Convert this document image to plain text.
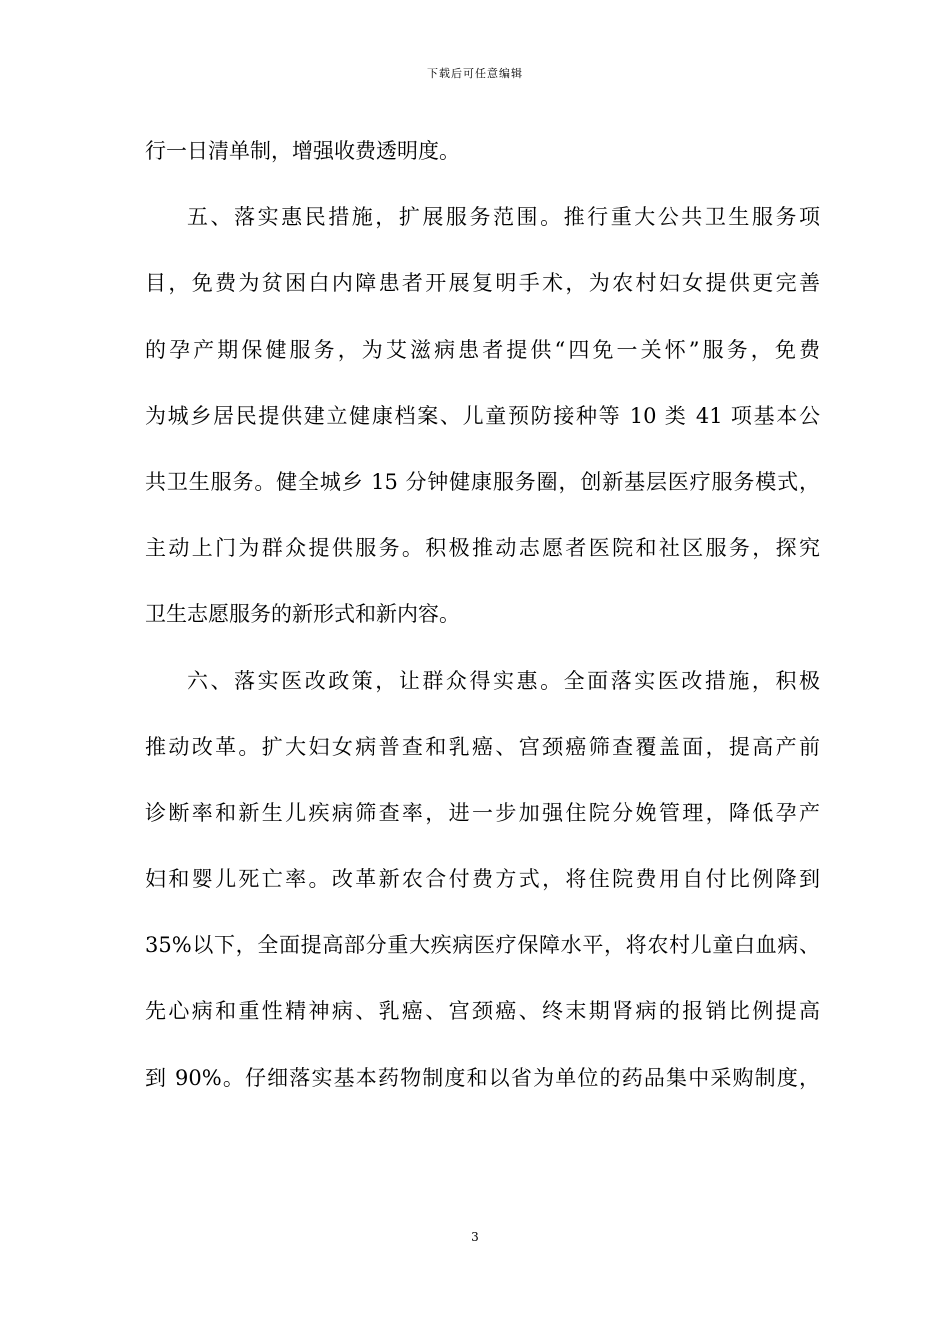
下载后可任意编辑
行一日清单制，增强收费透明度。
五、落实惠民措施，扩展服务范围。推行重大公共卫生服务项
目，免费为贫困白内障患者开展复明手术，为农村妇女提供更完善
的孕产期保健服务，为艾滋病患者提供“四免一关怀”服务，免费
为城乡居民提供建立健康档案、儿童预防接种等 10 类 41 项基本公
共卫生服务。健全城乡 15 分钟健康服务圈，创新基层医疗服务模式，
主动上门为群众提供服务。积极推动志愿者医院和社区服务，探究
卫生志愿服务的新形式和新内容。
六、落实医改政策，让群众得实惠。全面落实医改措施，积极
推动改革。扩大妇女病普查和乳癌、宫颈癌筛查覆盖面，提高产前
诊断率和新生儿疾病筛查率，进一步加强住院分娩管理，降低孕产
妇和婴儿死亡率。改革新农合付费方式，将住院费用自付比例降到
35%以下，全面提高部分重大疾病医疗保障水平，将农村儿童白血病、
先心病和重性精神病、乳癌、宫颈癌、终末期肾病的报销比例提高
到 90%。仔细落实基本药物制度和以省为单位的药品集中采购制度，
3
